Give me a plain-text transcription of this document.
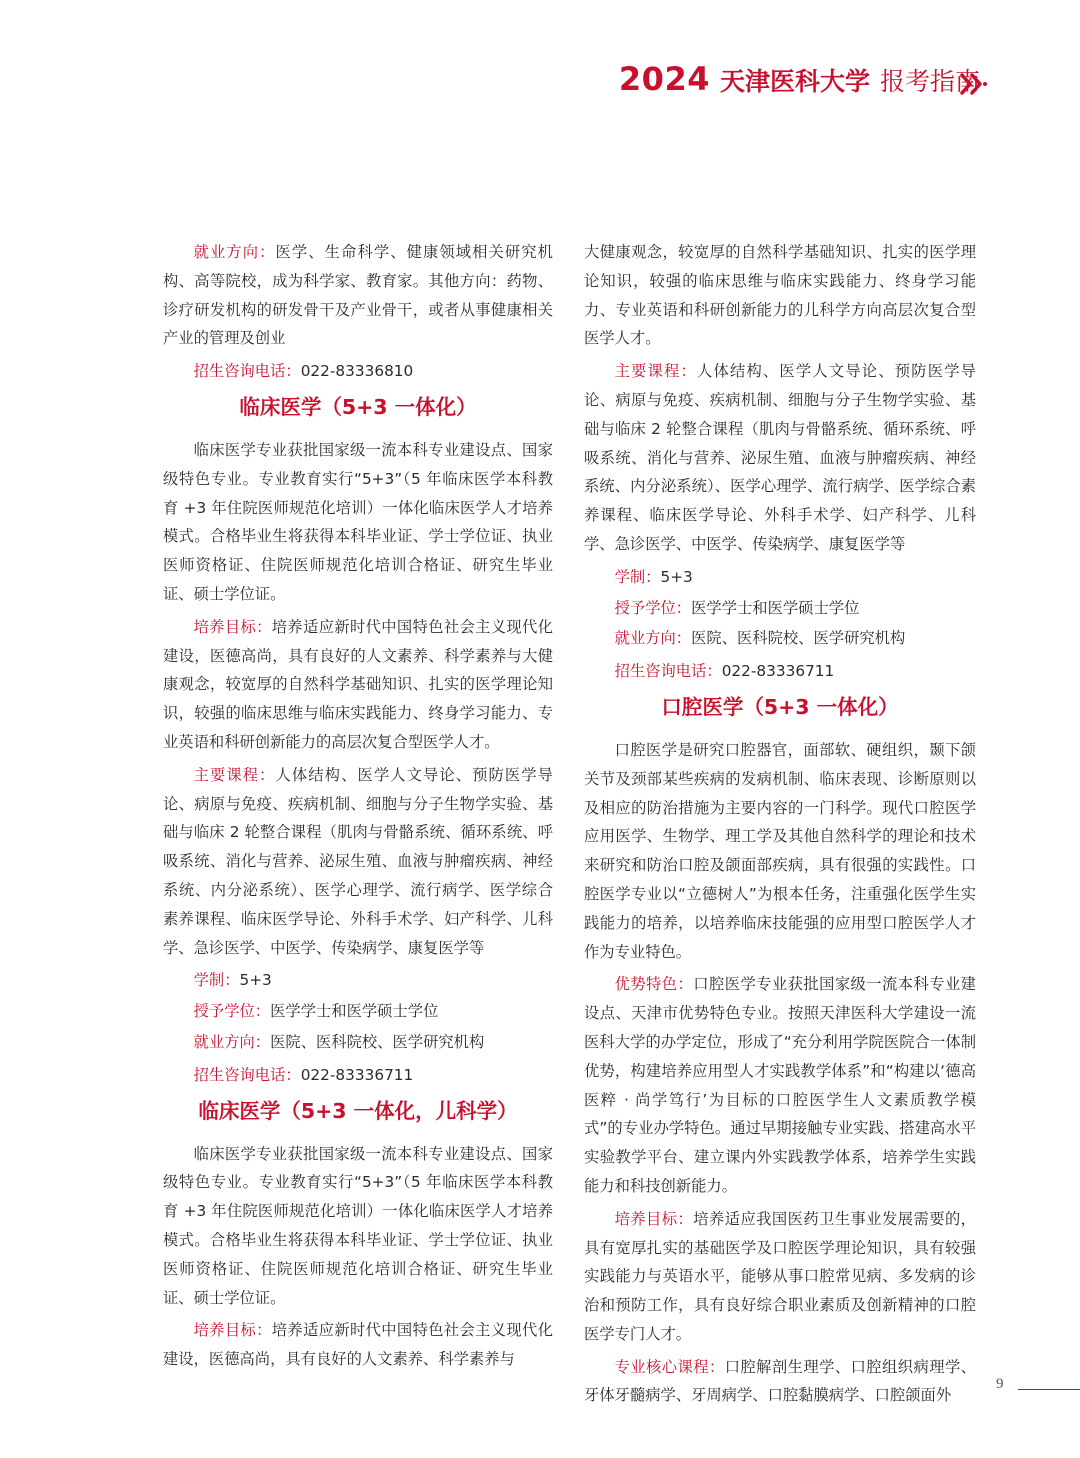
2024 天津医科大学 报考指南
就业方向：医学、生命科学、健康领域相关研究机构、高等院校，成为科学家、教育家。其他方向：药物、诊疗研发机构的研发骨干及产业骨干，或者从事健康相关产业的管理及创业
招生咨询电话：022-83336810
临床医学（5+3 一体化）
临床医学专业获批国家级一流本科专业建设点、国家级特色专业。专业教育实行“5+3”（5 年临床医学本科教育 +3 年住院医师规范化培训）一体化临床医学人才培养模式。合格毕业生将获得本科毕业证、学士学位证、执业医师资格证、住院医师规范化培训合格证、研究生毕业证、硕士学位证。
培养目标：培养适应新时代中国特色社会主义现代化建设，医德高尚，具有良好的人文素养、科学素养与大健康观念，较宽厚的自然科学基础知识、扎实的医学理论知识，较强的临床思维与临床实践能力、终身学习能力、专业英语和科研创新能力的高层次复合型医学人才。
主要课程：人体结构、医学人文导论、预防医学导论、病原与免疫、疾病机制、细胞与分子生物学实验、基础与临床 2 轮整合课程（肌肉与骨骼系统、循环系统、呼吸系统、消化与营养、泌尿生殖、血液与肿瘤疾病、神经系统、内分泌系统）、医学心理学、流行病学、医学综合素养课程、临床医学导论、外科手术学、妇产科学、儿科学、急诊医学、中医学、传染病学、康复医学等
学制：5+3
授予学位：医学学士和医学硕士学位
就业方向：医院、医科院校、医学研究机构
招生咨询电话：022-83336711
临床医学（5+3 一体化，儿科学）
临床医学专业获批国家级一流本科专业建设点、国家级特色专业。专业教育实行“5+3”（5 年临床医学本科教育 +3 年住院医师规范化培训）一体化临床医学人才培养模式。合格毕业生将获得本科毕业证、学士学位证、执业医师资格证、住院医师规范化培训合格证、研究生毕业证、硕士学位证。
培养目标：培养适应新时代中国特色社会主义现代化建设，医德高尚，具有良好的人文素养、科学素养与
大健康观念，较宽厚的自然科学基础知识、扎实的医学理论知识，较强的临床思维与临床实践能力、终身学习能力、专业英语和科研创新能力的儿科学方向高层次复合型医学人才。
主要课程：人体结构、医学人文导论、预防医学导论、病原与免疫、疾病机制、细胞与分子生物学实验、基础与临床 2 轮整合课程（肌肉与骨骼系统、循环系统、呼吸系统、消化与营养、泌尿生殖、血液与肿瘤疾病、神经系统、内分泌系统）、医学心理学、流行病学、医学综合素养课程、临床医学导论、外科手术学、妇产科学、儿科学、急诊医学、中医学、传染病学、康复医学等
学制：5+3
授予学位：医学学士和医学硕士学位
就业方向：医院、医科院校、医学研究机构
招生咨询电话：022-83336711
口腔医学（5+3 一体化）
口腔医学是研究口腔器官，面部软、硬组织，颞下颌关节及颈部某些疾病的发病机制、临床表现、诊断原则以及相应的防治措施为主要内容的一门科学。现代口腔医学应用医学、生物学、理工学及其他自然科学的理论和技术来研究和防治口腔及颌面部疾病，具有很强的实践性。口腔医学专业以“立德树人”为根本任务，注重强化医学生实践能力的培养，以培养临床技能强的应用型口腔医学人才作为专业特色。
优势特色：口腔医学专业获批国家级一流本科专业建设点、天津市优势特色专业。按照天津医科大学建设一流医科大学的办学定位，形成了“充分利用学院医院合一体制优势，构建培养应用型人才实践教学体系”和“构建以‘德高医粹 · 尚学笃行’为目标的口腔医学生人文素质教学模式”的专业办学特色。通过早期接触专业实践、搭建高水平实验教学平台、建立课内外实践教学体系，培养学生实践能力和科技创新能力。
培养目标：培养适应我国医药卫生事业发展需要的，具有宽厚扎实的基础医学及口腔医学理论知识，具有较强实践能力与英语水平，能够从事口腔常见病、多发病的诊治和预防工作，具有良好综合职业素质及创新精神的口腔医学专门人才。
专业核心课程：口腔解剖生理学、口腔组织病理学、牙体牙髓病学、牙周病学、口腔黏膜病学、口腔颌面外
9
